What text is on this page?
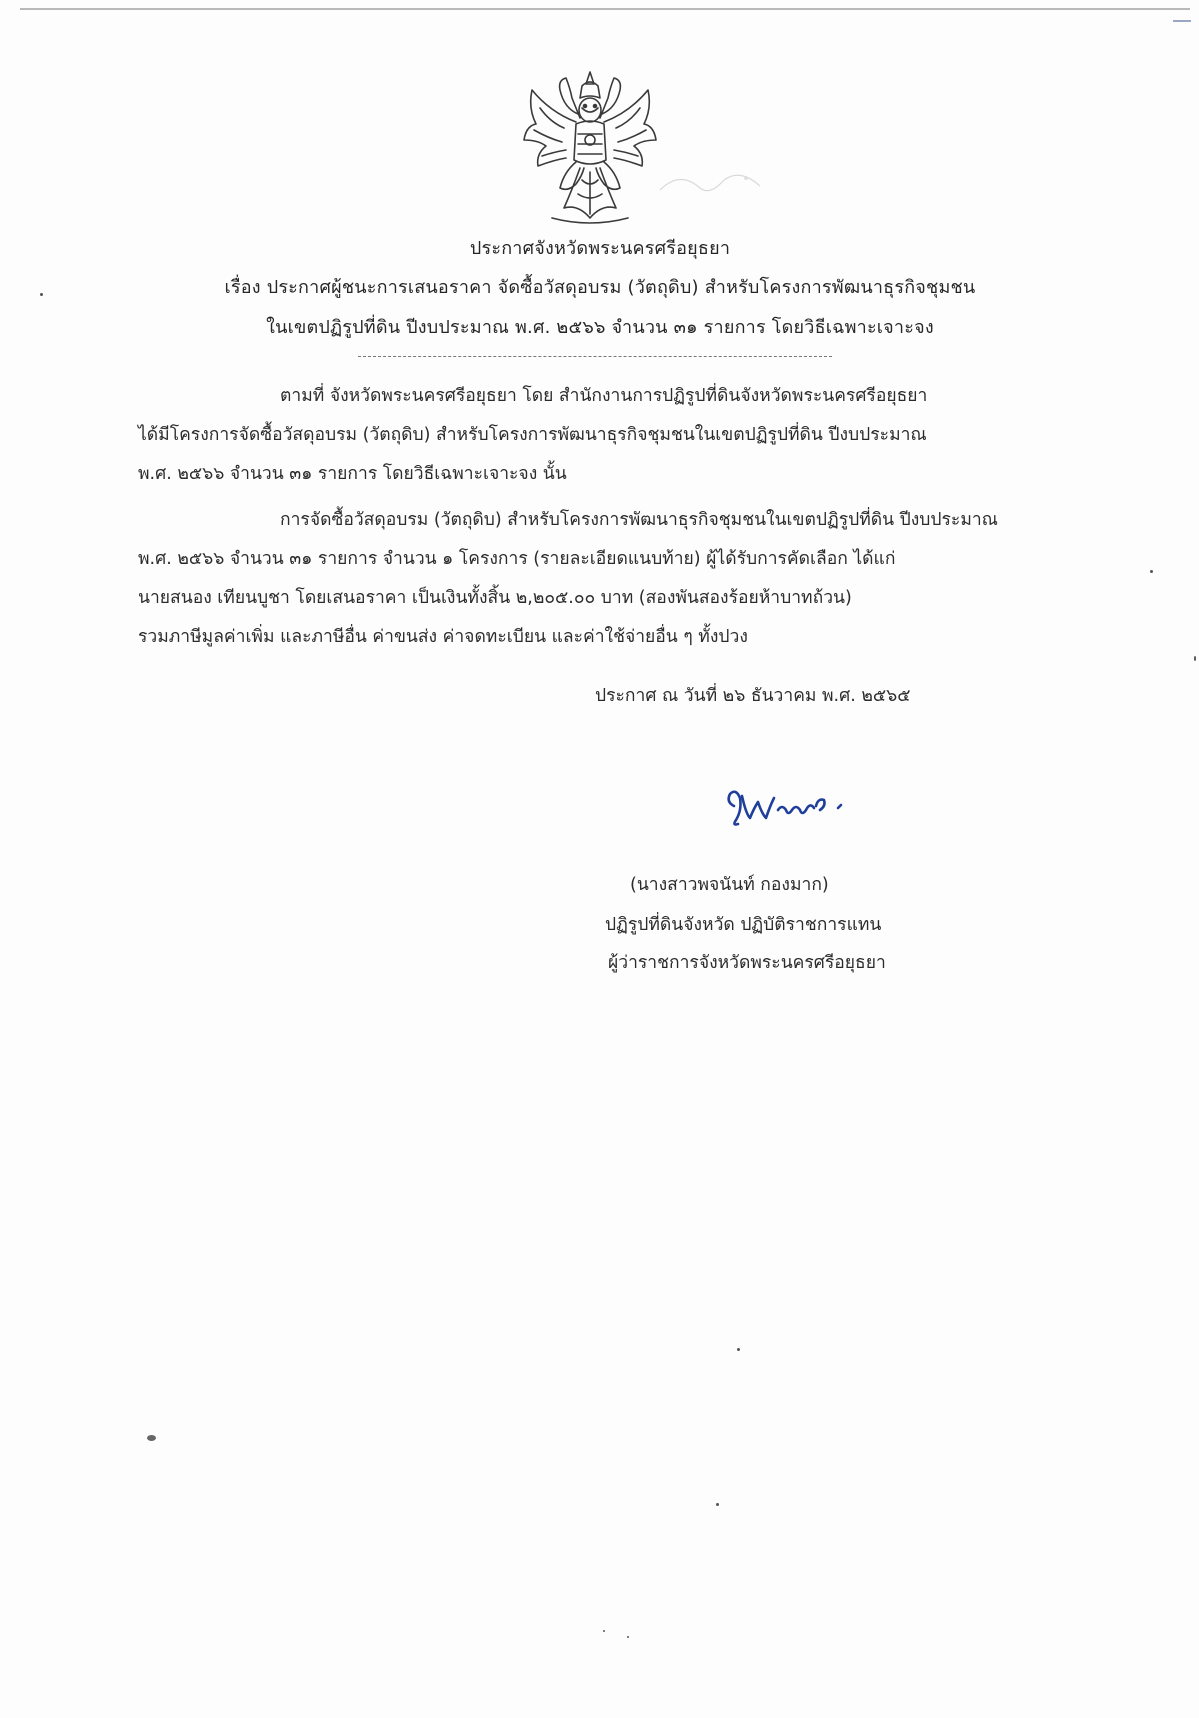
ประกาศจังหวัดพระนครศรีอยุธยา
เรื่อง ประกาศผู้ชนะการเสนอราคา จัดซื้อวัสดุอบรม (วัตถุดิบ) สำหรับโครงการพัฒนาธุรกิจชุมชน
ในเขตปฏิรูปที่ดิน ปีงบประมาณ พ.ศ. ๒๕๖๖ จำนวน ๓๑ รายการ โดยวิธีเฉพาะเจาะจง
ตามที่ จังหวัดพระนครศรีอยุธยา โดย สำนักงานการปฏิรูปที่ดินจังหวัดพระนครศรีอยุธยา
ได้มีโครงการจัดซื้อวัสดุอบรม (วัตถุดิบ) สำหรับโครงการพัฒนาธุรกิจชุมชนในเขตปฏิรูปที่ดิน ปีงบประมาณ
พ.ศ. ๒๕๖๖ จำนวน ๓๑ รายการ โดยวิธีเฉพาะเจาะจง นั้น
การจัดซื้อวัสดุอบรม (วัตถุดิบ) สำหรับโครงการพัฒนาธุรกิจชุมชนในเขตปฏิรูปที่ดิน ปีงบประมาณ
พ.ศ. ๒๕๖๖ จำนวน ๓๑ รายการ จำนวน ๑ โครงการ (รายละเอียดแนบท้าย) ผู้ได้รับการคัดเลือก ได้แก่
นายสนอง เทียนบูชา โดยเสนอราคา เป็นเงินทั้งสิ้น ๒,๒๐๕.๐๐ บาท (สองพันสองร้อยห้าบาทถ้วน)
รวมภาษีมูลค่าเพิ่ม และภาษีอื่น ค่าขนส่ง ค่าจดทะเบียน และค่าใช้จ่ายอื่น ๆ ทั้งปวง
ประกาศ ณ วันที่ ๒๖ ธันวาคม พ.ศ. ๒๕๖๕
(นางสาวพจนันท์ กองมาก)
ปฏิรูปที่ดินจังหวัด ปฏิบัติราชการแทน
ผู้ว่าราชการจังหวัดพระนครศรีอยุธยา
